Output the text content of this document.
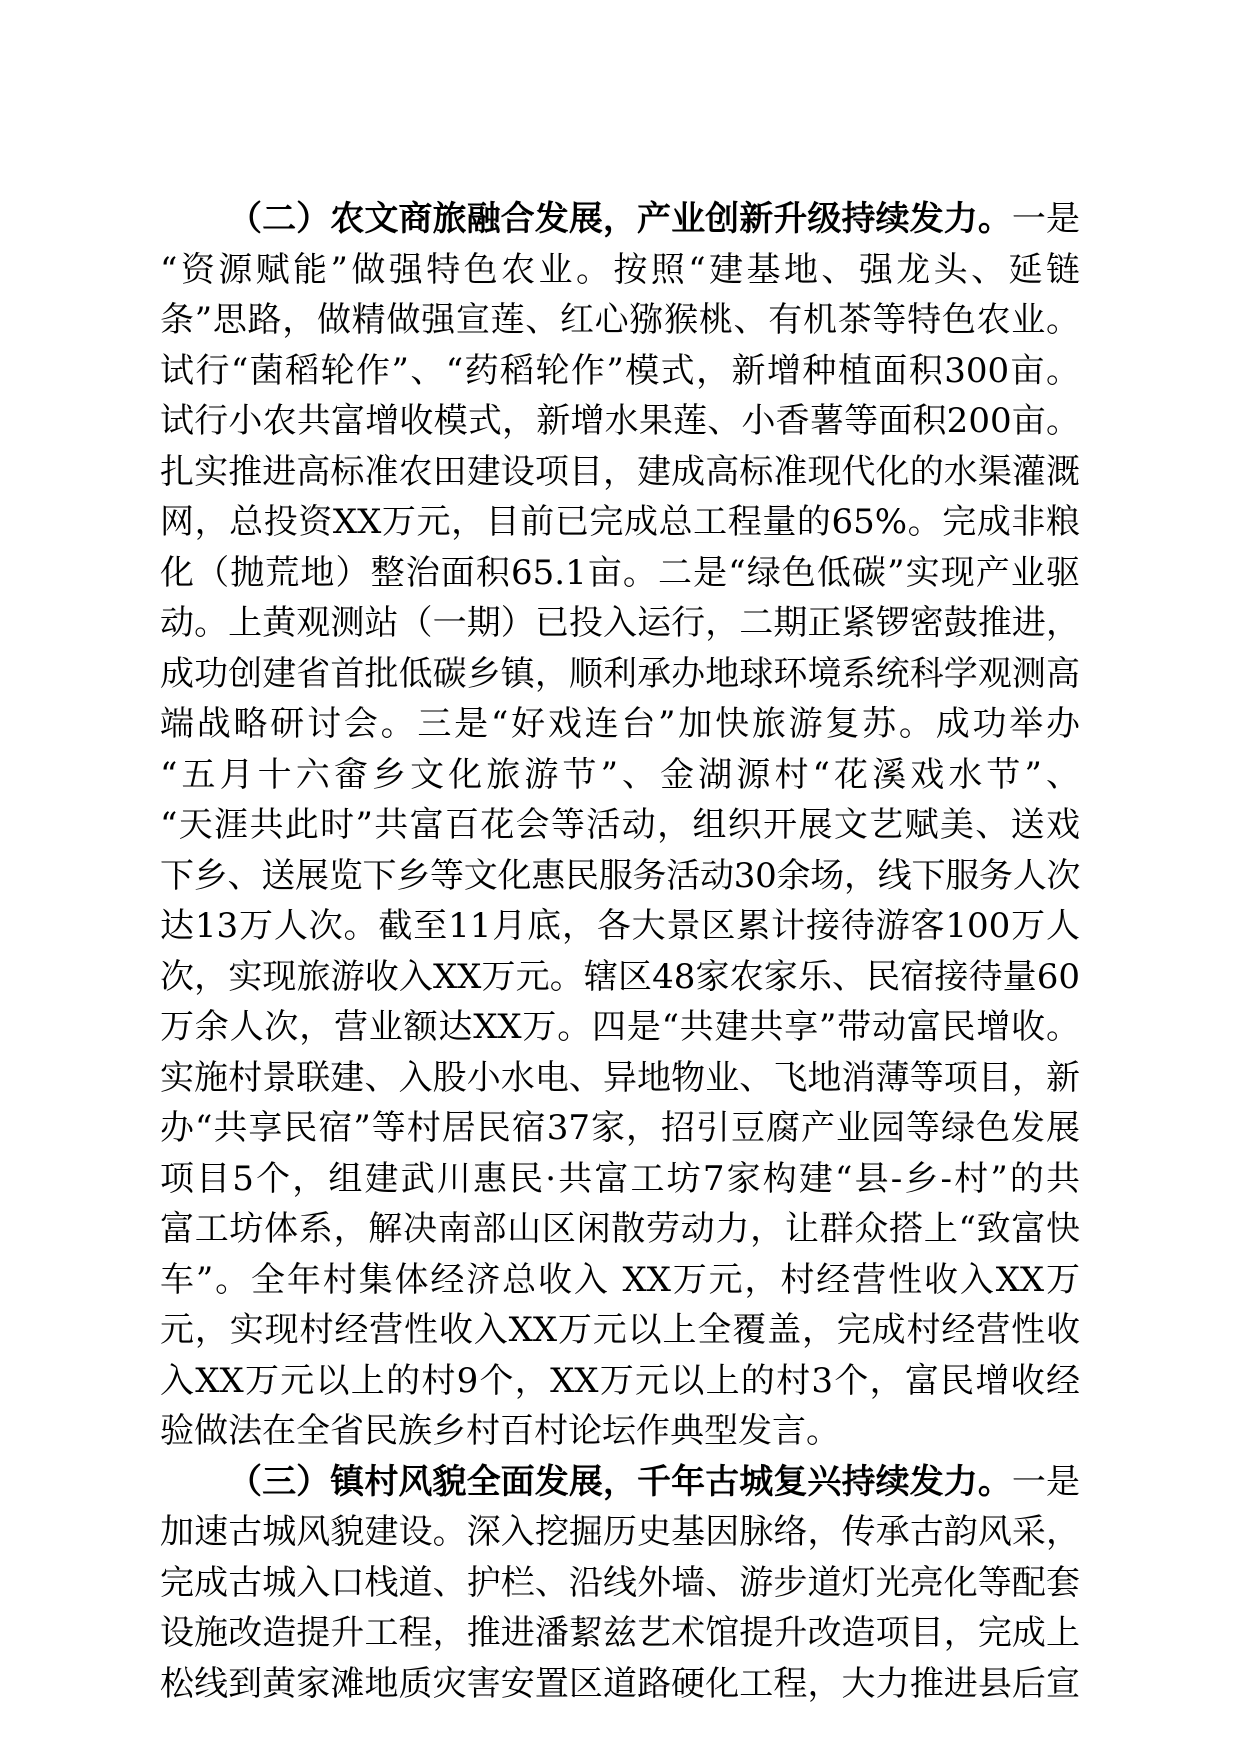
（二）农文商旅融合发展，产业创新升级持续发力。一是
“资源赋能”做强特色农业。按照“建基地、强龙头、延链
条”思路，做精做强宣莲、红心猕猴桃、有机茶等特色农业。
试行“菌稻轮作”、“药稻轮作”模式，新增种植面积300亩。
试行小农共富增收模式，新增水果莲、小香薯等面积200亩。
扎实推进高标准农田建设项目，建成高标准现代化的水渠灌溉
网，总投资XX万元，目前已完成总工程量的65%。完成非粮
化（抛荒地）整治面积65.1亩。二是“绿色低碳”实现产业驱
动。上黄观测站（一期）已投入运行，二期正紧锣密鼓推进，
成功创建省首批低碳乡镇，顺利承办地球环境系统科学观测高
端战略研讨会。三是“好戏连台”加快旅游复苏。成功举办
“五月十六畲乡文化旅游节”、金湖源村“花溪戏水节”、
“天涯共此时”共富百花会等活动，组织开展文艺赋美、送戏
下乡、送展览下乡等文化惠民服务活动30余场，线下服务人次
达13万人次。截至11月底，各大景区累计接待游客100万人
次，实现旅游收入XX万元。辖区48家农家乐、民宿接待量60
万余人次，营业额达XX万。四是“共建共享”带动富民增收。
实施村景联建、入股小水电、异地物业、飞地消薄等项目，新
办“共享民宿”等村居民宿37家，招引豆腐产业园等绿色发展
项目5个，组建武川惠民·共富工坊7家构建“县-乡-村”的共
富工坊体系，解决南部山区闲散劳动力，让群众搭上“致富快
车”。全年村集体经济总收入 XX万元，村经营性收入XX万
元，实现村经营性收入XX万元以上全覆盖，完成村经营性收
入XX万元以上的村9个，XX万元以上的村3个，富民增收经
验做法在全省民族乡村百村论坛作典型发言。
（三）镇村风貌全面发展，千年古城复兴持续发力。一是
加速古城风貌建设。深入挖掘历史基因脉络，传承古韵风采，
完成古城入口栈道、护栏、沿线外墙、游步道灯光亮化等配套
设施改造提升工程，推进潘絜兹艺术馆提升改造项目，完成上
松线到黄家滩地质灾害安置区道路硬化工程，大力推进县后宣
